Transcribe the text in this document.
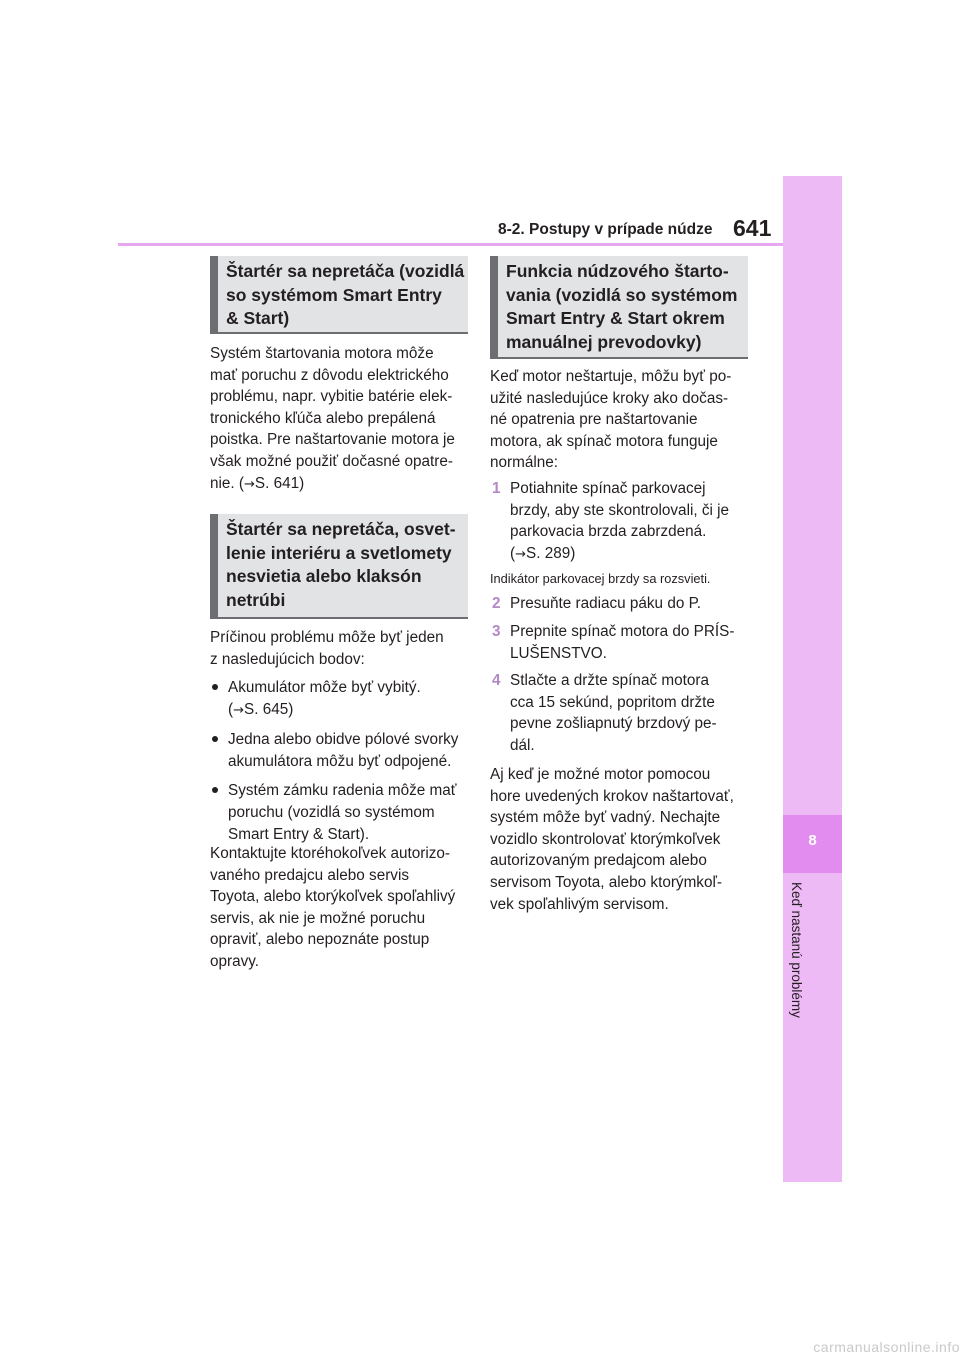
8-2. Postupy v prípade núdze 641
8
Keď nastanú problémy
Štartér sa nepretáča (vozidlá
so systémom Smart Entry
& Start)
Systém štartovania motora môže
mať poruchu z dôvodu elektrického
problému, napr. vybitie batérie elek-
tronického kľúča alebo prepálená
poistka. Pre naštartovanie motora je
však možné použiť dočasné opatre-
nie. (→S. 641)
Štartér sa nepretáča, osvet-
lenie interiéru a svetlomety
nesvietia alebo klaksón
netrúbi
Príčinou problému môže byť jeden
z nasledujúcich bodov:
Akumulátor môže byť vybitý.
(→S. 645)
Jedna alebo obidve pólové svorky
akumulátora môžu byť odpojené.
Systém zámku radenia môže mať
poruchu (vozidlá so systémom
Smart Entry & Start).
Kontaktujte ktoréhokoľvek autorizo-
vaného predajcu alebo servis
Toyota, alebo ktorýkoľvek spoľahlivý
servis, ak nie je možné poruchu
opraviť, alebo nepoznáte postup
opravy.
Funkcia núdzového štarto-
vania (vozidlá so systémom
Smart Entry & Start okrem
manuálnej prevodovky)
Keď motor neštartuje, môžu byť po-
užité nasledujúce kroky ako dočas-
né opatrenia pre naštartovanie
motora, ak spínač motora funguje
normálne:
1 Potiahnite spínač parkovacej
brzdy, aby ste skontrolovali, či je
parkovacia brzda zabrzdená.
(→S. 289)
Indikátor parkovacej brzdy sa rozsvieti.
2 Presuňte radiacu páku do P.
3 Prepnite spínač motora do PRÍS-
LUŠENSTVO.
4 Stlačte a držte spínač motora
cca 15 sekúnd, popritom držte
pevne zošliapnutý brzdový pe-
dál.
Aj keď je možné motor pomocou
hore uvedených krokov naštartovať,
systém môže byť vadný. Nechajte
vozidlo skontrolovať ktorýmkoľvek
autorizovaným predajcom alebo
servisom Toyota, alebo ktorýmkoľ-
vek spoľahlivým servisom.
carmanualsonline.info
